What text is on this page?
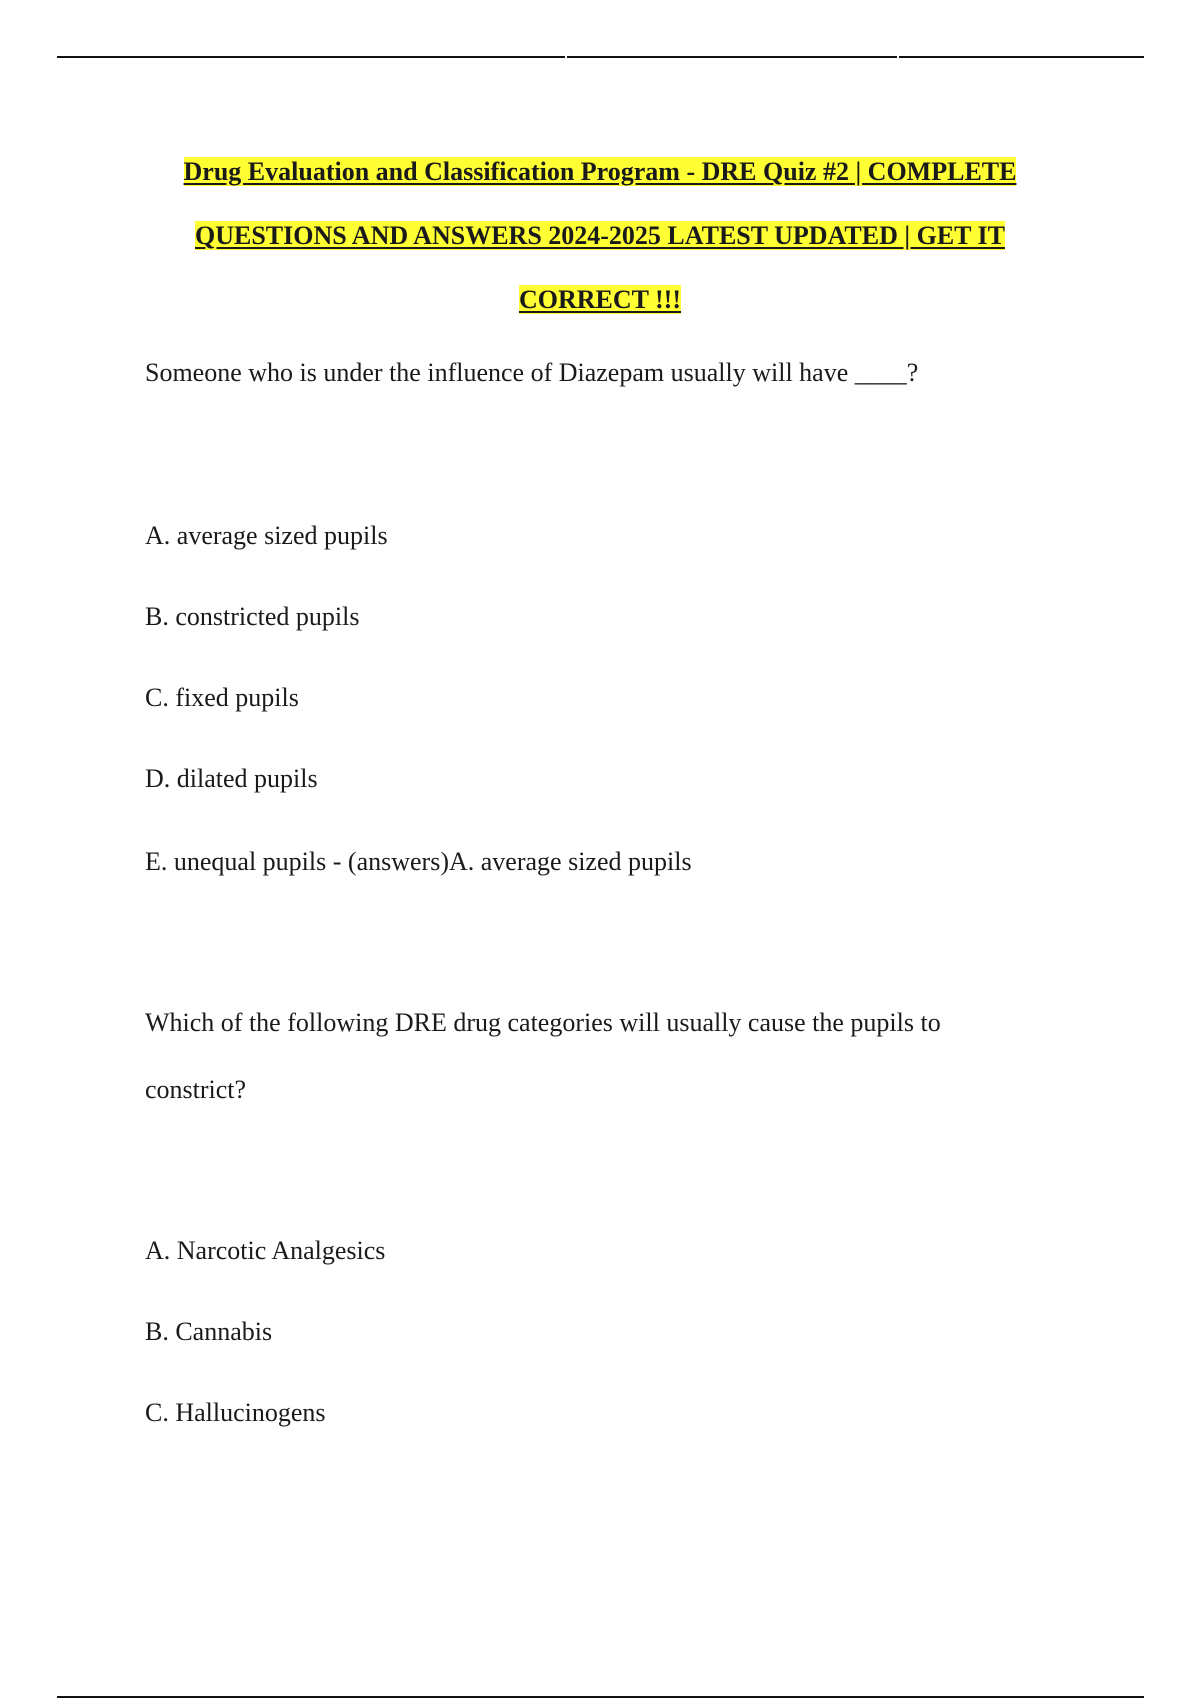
Drug Evaluation and Classification Program - DRE Quiz #2 | COMPLETE
QUESTIONS AND ANSWERS 2024-2025 LATEST UPDATED | GET IT
CORRECT !!!
Someone who is under the influence of Diazepam usually will have ____?
A. average sized pupils
B. constricted pupils
C. fixed pupils
D. dilated pupils
E. unequal pupils - (answers)A. average sized pupils
Which of the following DRE drug categories will usually cause the pupils to
constrict?
A. Narcotic Analgesics
B. Cannabis
C. Hallucinogens
